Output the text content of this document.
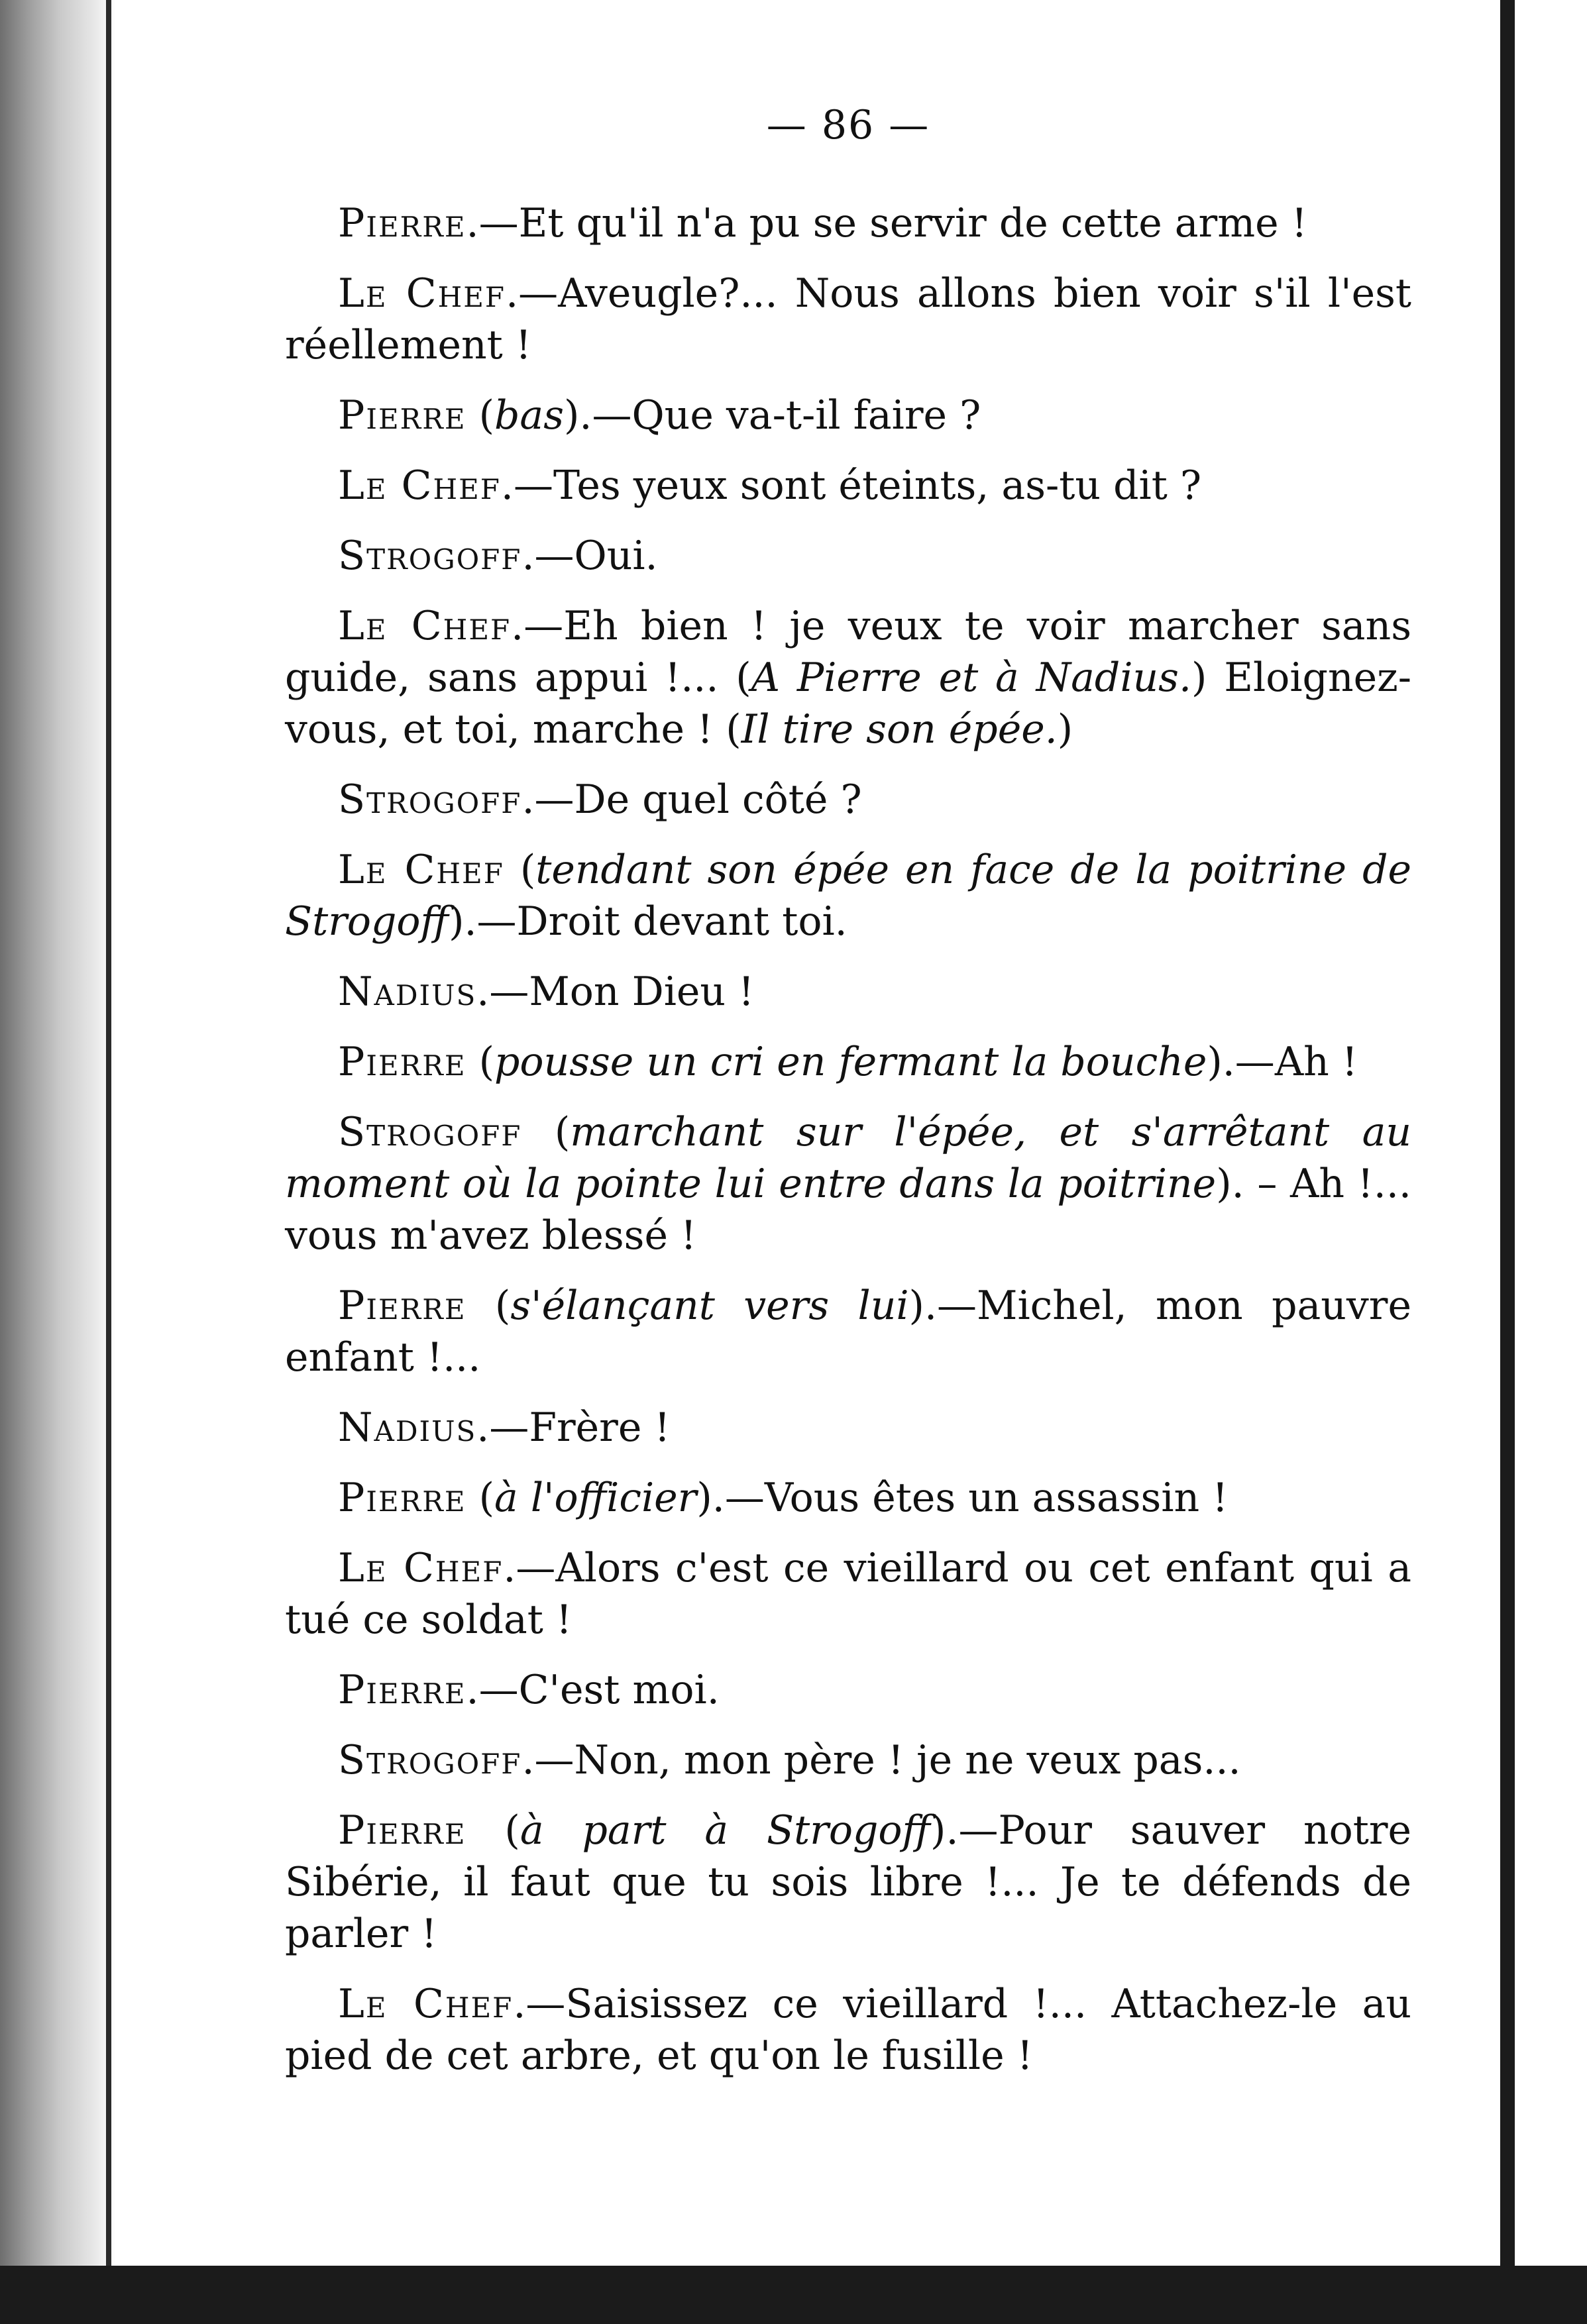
— 86 —

Pierre.—Et qu'il n'a pu se servir de cette arme !

Le Chef.—Aveugle?... Nous allons bien voir s'il l'est réellement !

Pierre (bas).—Que va-t-il faire ?

Le Chef.—Tes yeux sont éteints, as-tu dit ?

Strogoff.—Oui.

Le Chef.—Eh bien ! je veux te voir marcher sans guide, sans appui !... (A Pierre et à Nadius.) Eloignez-vous, et toi, marche ! (Il tire son épée.)

Strogoff.—De quel côté ?

Le Chef (tendant son épée en face de la poitrine de Strogoff).—Droit devant toi.

Nadius.—Mon Dieu !

Pierre (pousse un cri en fermant la bouche).—Ah !

Strogoff (marchant sur l'épée, et s'arrêtant au moment où la pointe lui entre dans la poitrine). – Ah !... vous m'avez blessé !

Pierre (s'élançant vers lui).—Michel, mon pauvre enfant !...

Nadius.—Frère !

Pierre (à l'officier).—Vous êtes un assassin !

Le Chef.—Alors c'est ce vieillard ou cet enfant qui a tué ce soldat !

Pierre.—C'est moi.

Strogoff.—Non, mon père ! je ne veux pas...

Pierre (à part à Strogoff).—Pour sauver notre Sibérie, il faut que tu sois libre !... Je te défends de parler !

Le Chef.—Saisissez ce vieillard !... Attachez-le au pied de cet arbre, et qu'on le fusille !
